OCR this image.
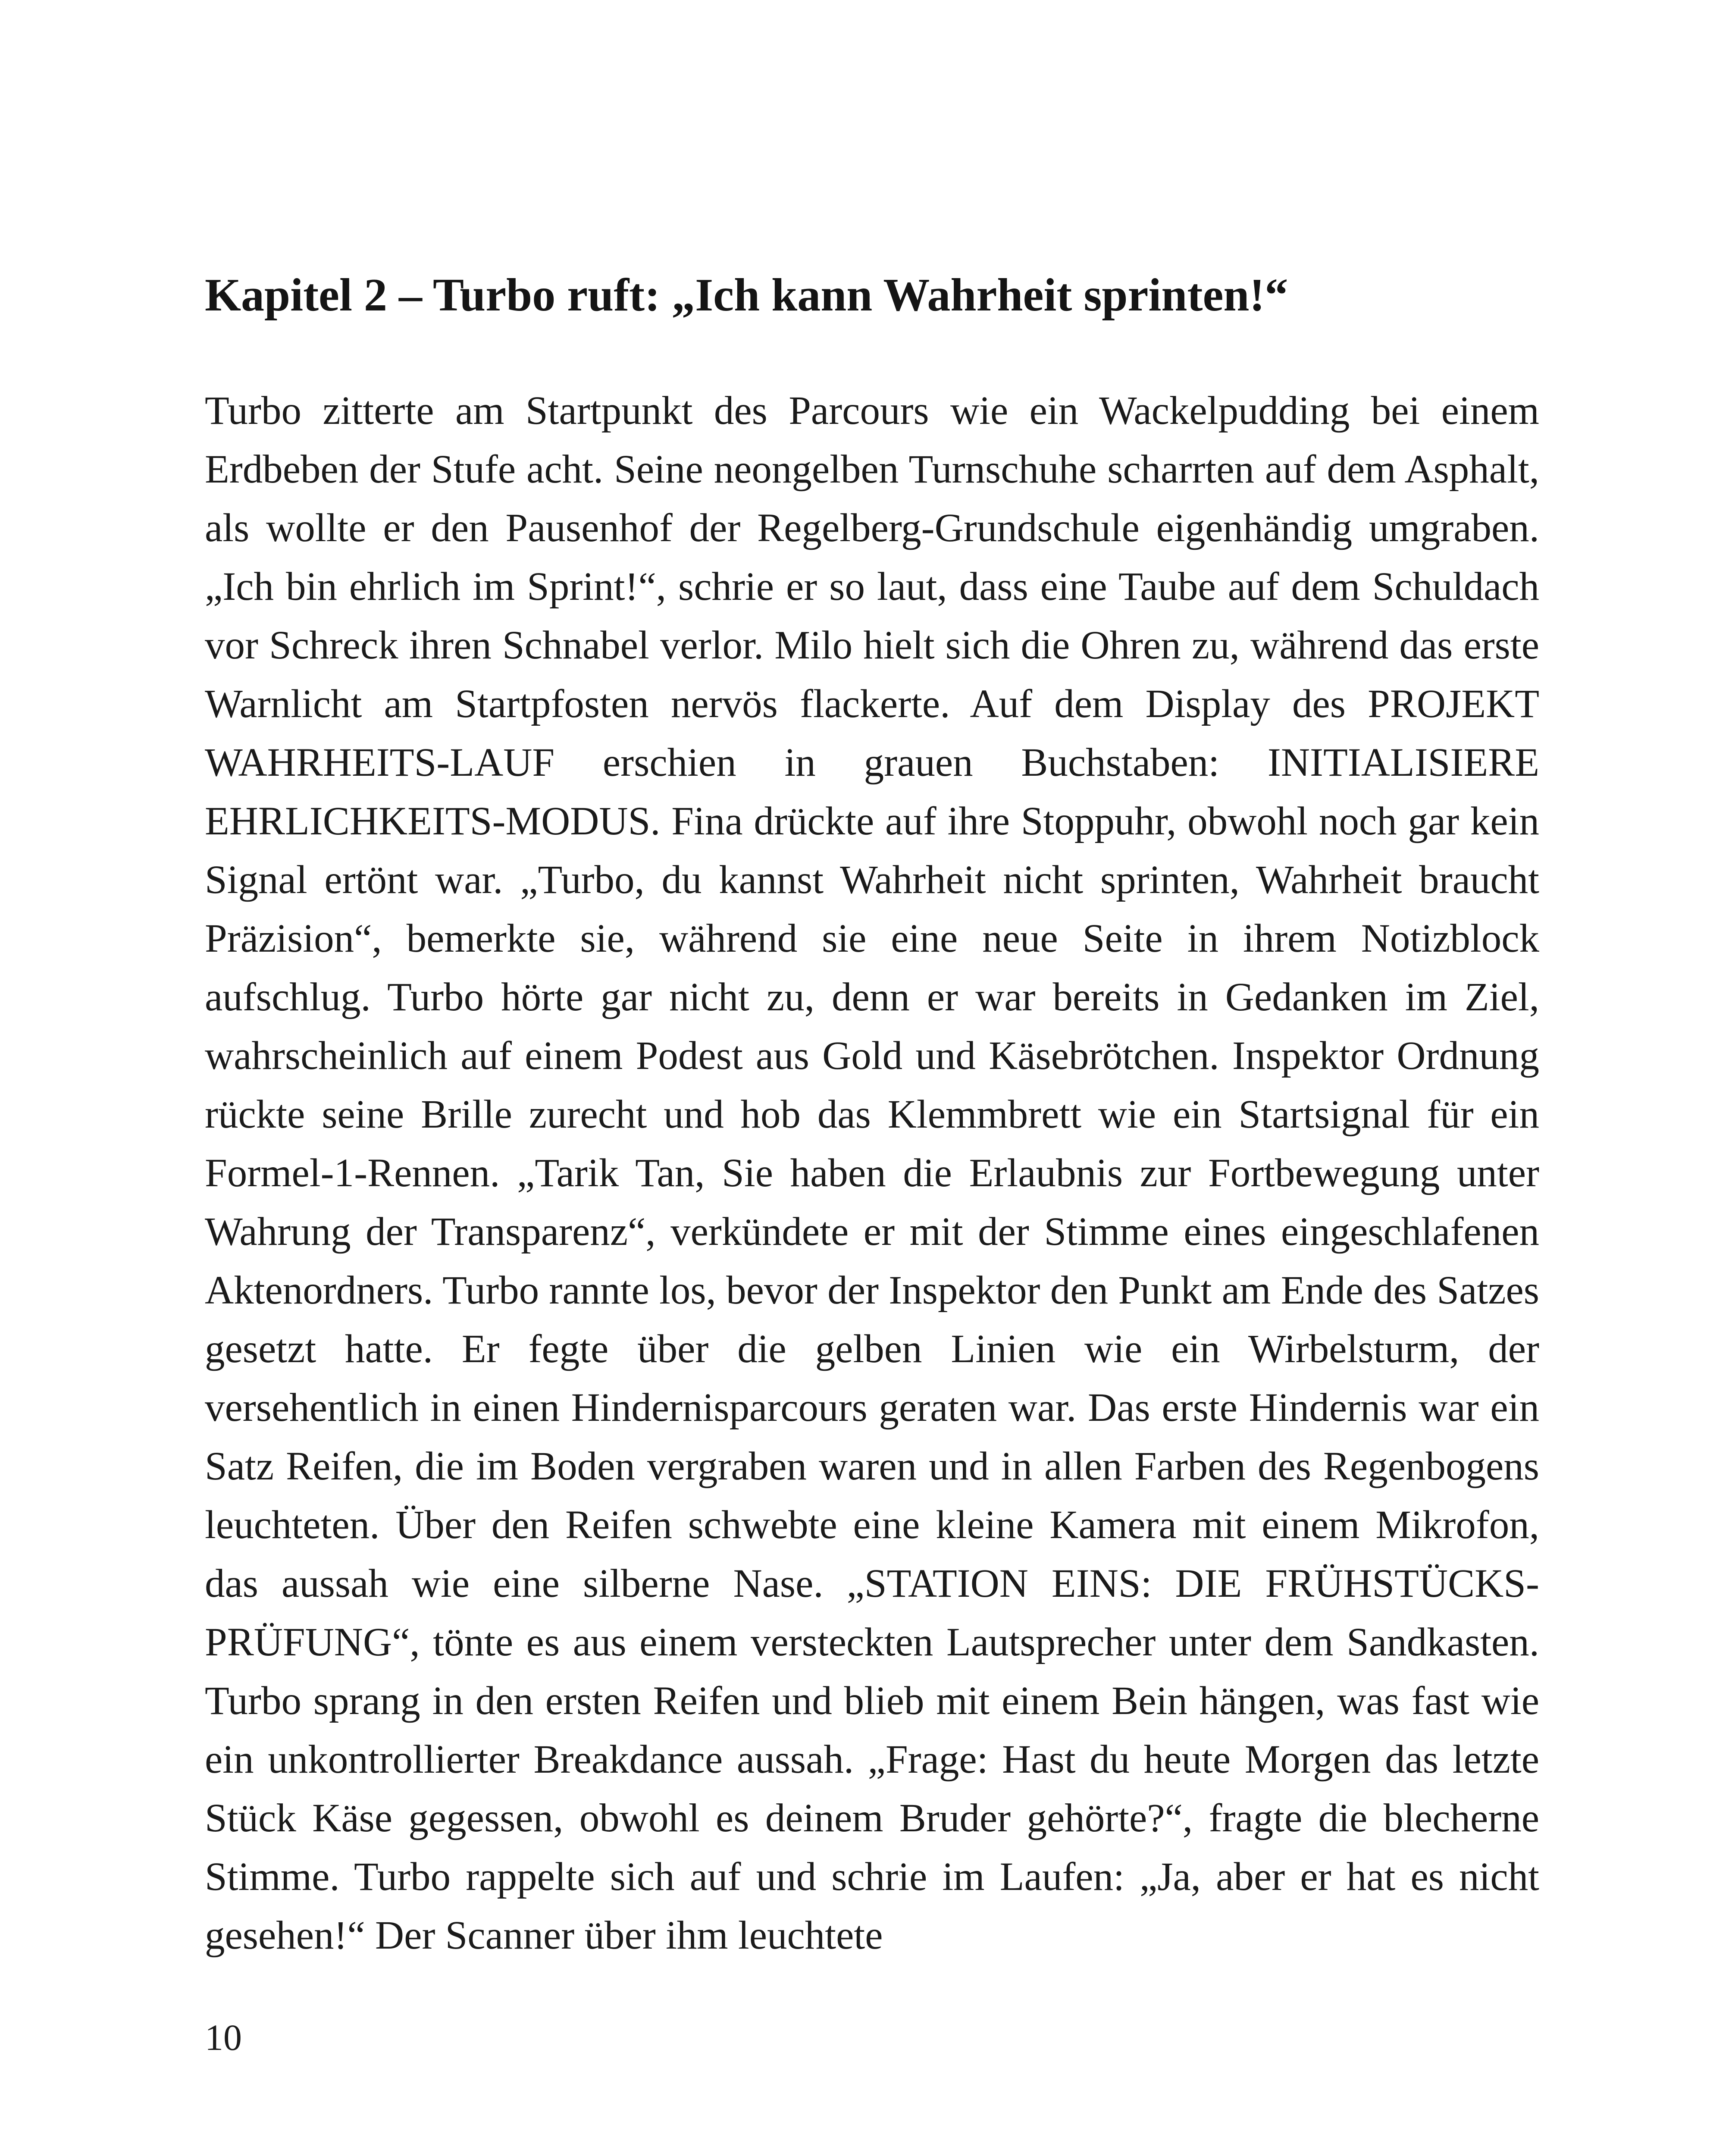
Kapitel 2 – Turbo ruft: „Ich kann Wahrheit sprinten!“

Turbo zitterte am Startpunkt des Parcours wie ein Wackelpudding bei einem Erdbeben der Stufe acht. Seine neongelben Turnschuhe scharrten auf dem Asphalt, als wollte er den Pausenhof der Regelberg-Grundschule eigenhändig umgraben. „Ich bin ehrlich im Sprint!“, schrie er so laut, dass eine Taube auf dem Schuldach vor Schreck ihren Schnabel verlor. Milo hielt sich die Ohren zu, während das erste Warnlicht am Startpfosten nervös flackerte. Auf dem Display des PROJEKT WAHRHEITS-LAUF erschien in grauen Buchstaben: INITIALISIERE EHRLICHKEITS-MODUS. Fina drückte auf ihre Stoppuhr, obwohl noch gar kein Signal ertönt war. „Turbo, du kannst Wahrheit nicht sprinten, Wahrheit braucht Präzision“, bemerkte sie, während sie eine neue Seite in ihrem Notizblock aufschlug. Turbo hörte gar nicht zu, denn er war bereits in Gedanken im Ziel, wahrscheinlich auf einem Podest aus Gold und Käsebrötchen. Inspektor Ordnung rückte seine Brille zurecht und hob das Klemmbrett wie ein Startsignal für ein Formel-1-Rennen. „Tarik Tan, Sie haben die Erlaubnis zur Fortbewegung unter Wahrung der Transparenz“, verkündete er mit der Stimme eines eingeschlafenen Aktenordners. Turbo rannte los, bevor der Inspektor den Punkt am Ende des Satzes gesetzt hatte. Er fegte über die gelben Linien wie ein Wirbelsturm, der versehentlich in einen Hindernisparcours geraten war. Das erste Hindernis war ein Satz Reifen, die im Boden vergraben waren und in allen Farben des Regenbogens leuchteten. Über den Reifen schwebte eine kleine Kamera mit einem Mikrofon, das aussah wie eine silberne Nase. „STATION EINS: DIE FRÜHSTÜCKS-PRÜFUNG“, tönte es aus einem versteckten Lautsprecher unter dem Sandkasten. Turbo sprang in den ersten Reifen und blieb mit einem Bein hängen, was fast wie ein unkontrollierter Breakdance aussah. „Frage: Hast du heute Morgen das letzte Stück Käse gegessen, obwohl es deinem Bruder gehörte?“, fragte die blecherne Stimme. Turbo rappelte sich auf und schrie im Laufen: „Ja, aber er hat es nicht gesehen!“ Der Scanner über ihm leuchtete

10
